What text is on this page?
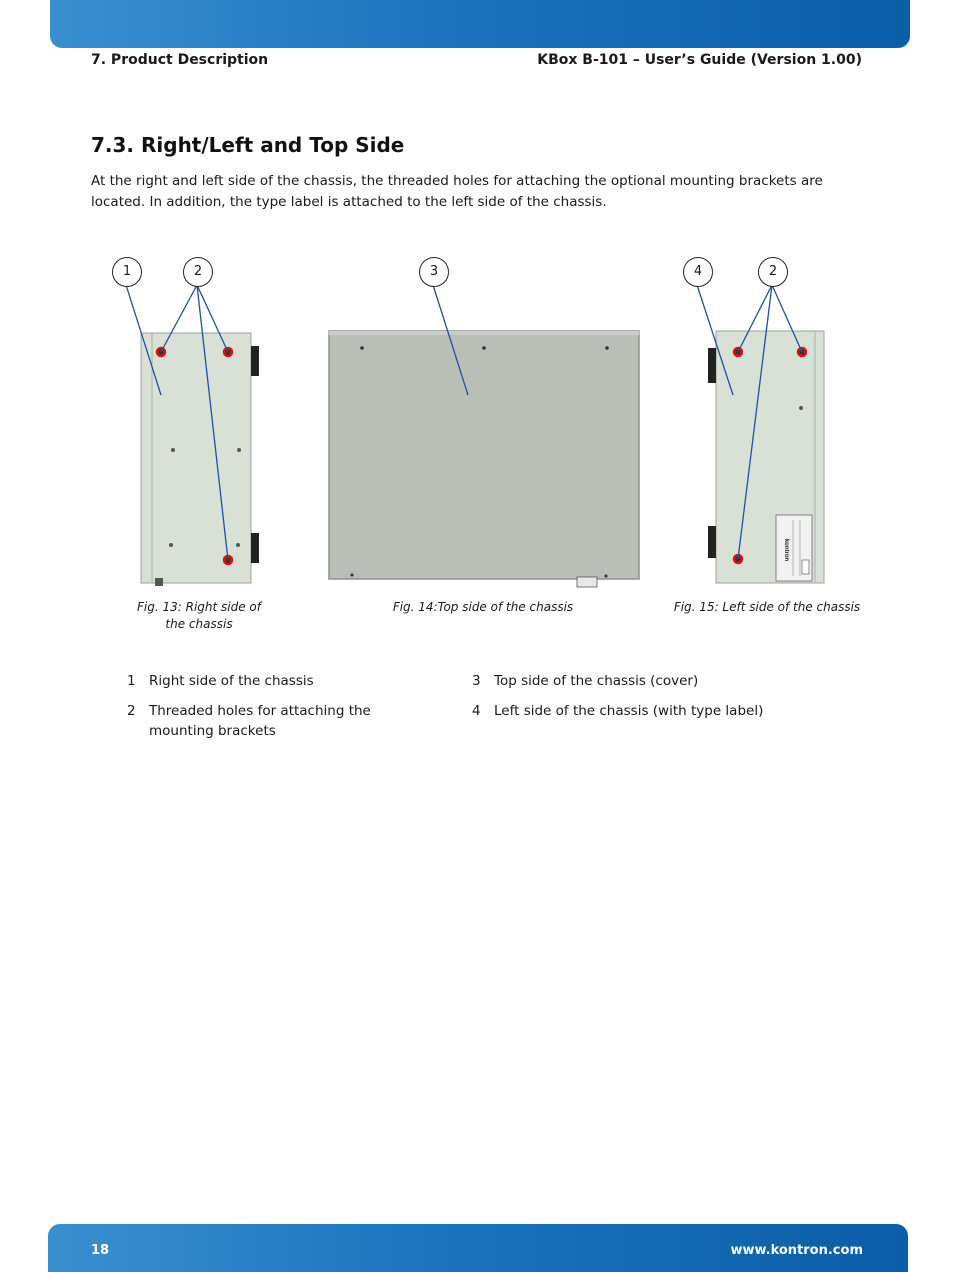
7. Product Description	KBox B-101 – User’s Guide (Version 1.00)
7.3. Right/Left and Top Side

At the right and left side of the chassis, the threaded holes for attaching the optional mounting brackets are located. In addition, the type label is attached to the left side of the chassis.

kontron
1	2	3	4	2
Fig. 13: Right side of the chassis
Fig. 14:Top side of the chassis	Fig. 15: Left side of the chassis
1 Right side of the chassis
2 Threaded holes for attaching the mounting brackets
3 Top side of the chassis (cover)
4 Left side of the chassis (with type label)
18	www.kontron.com
